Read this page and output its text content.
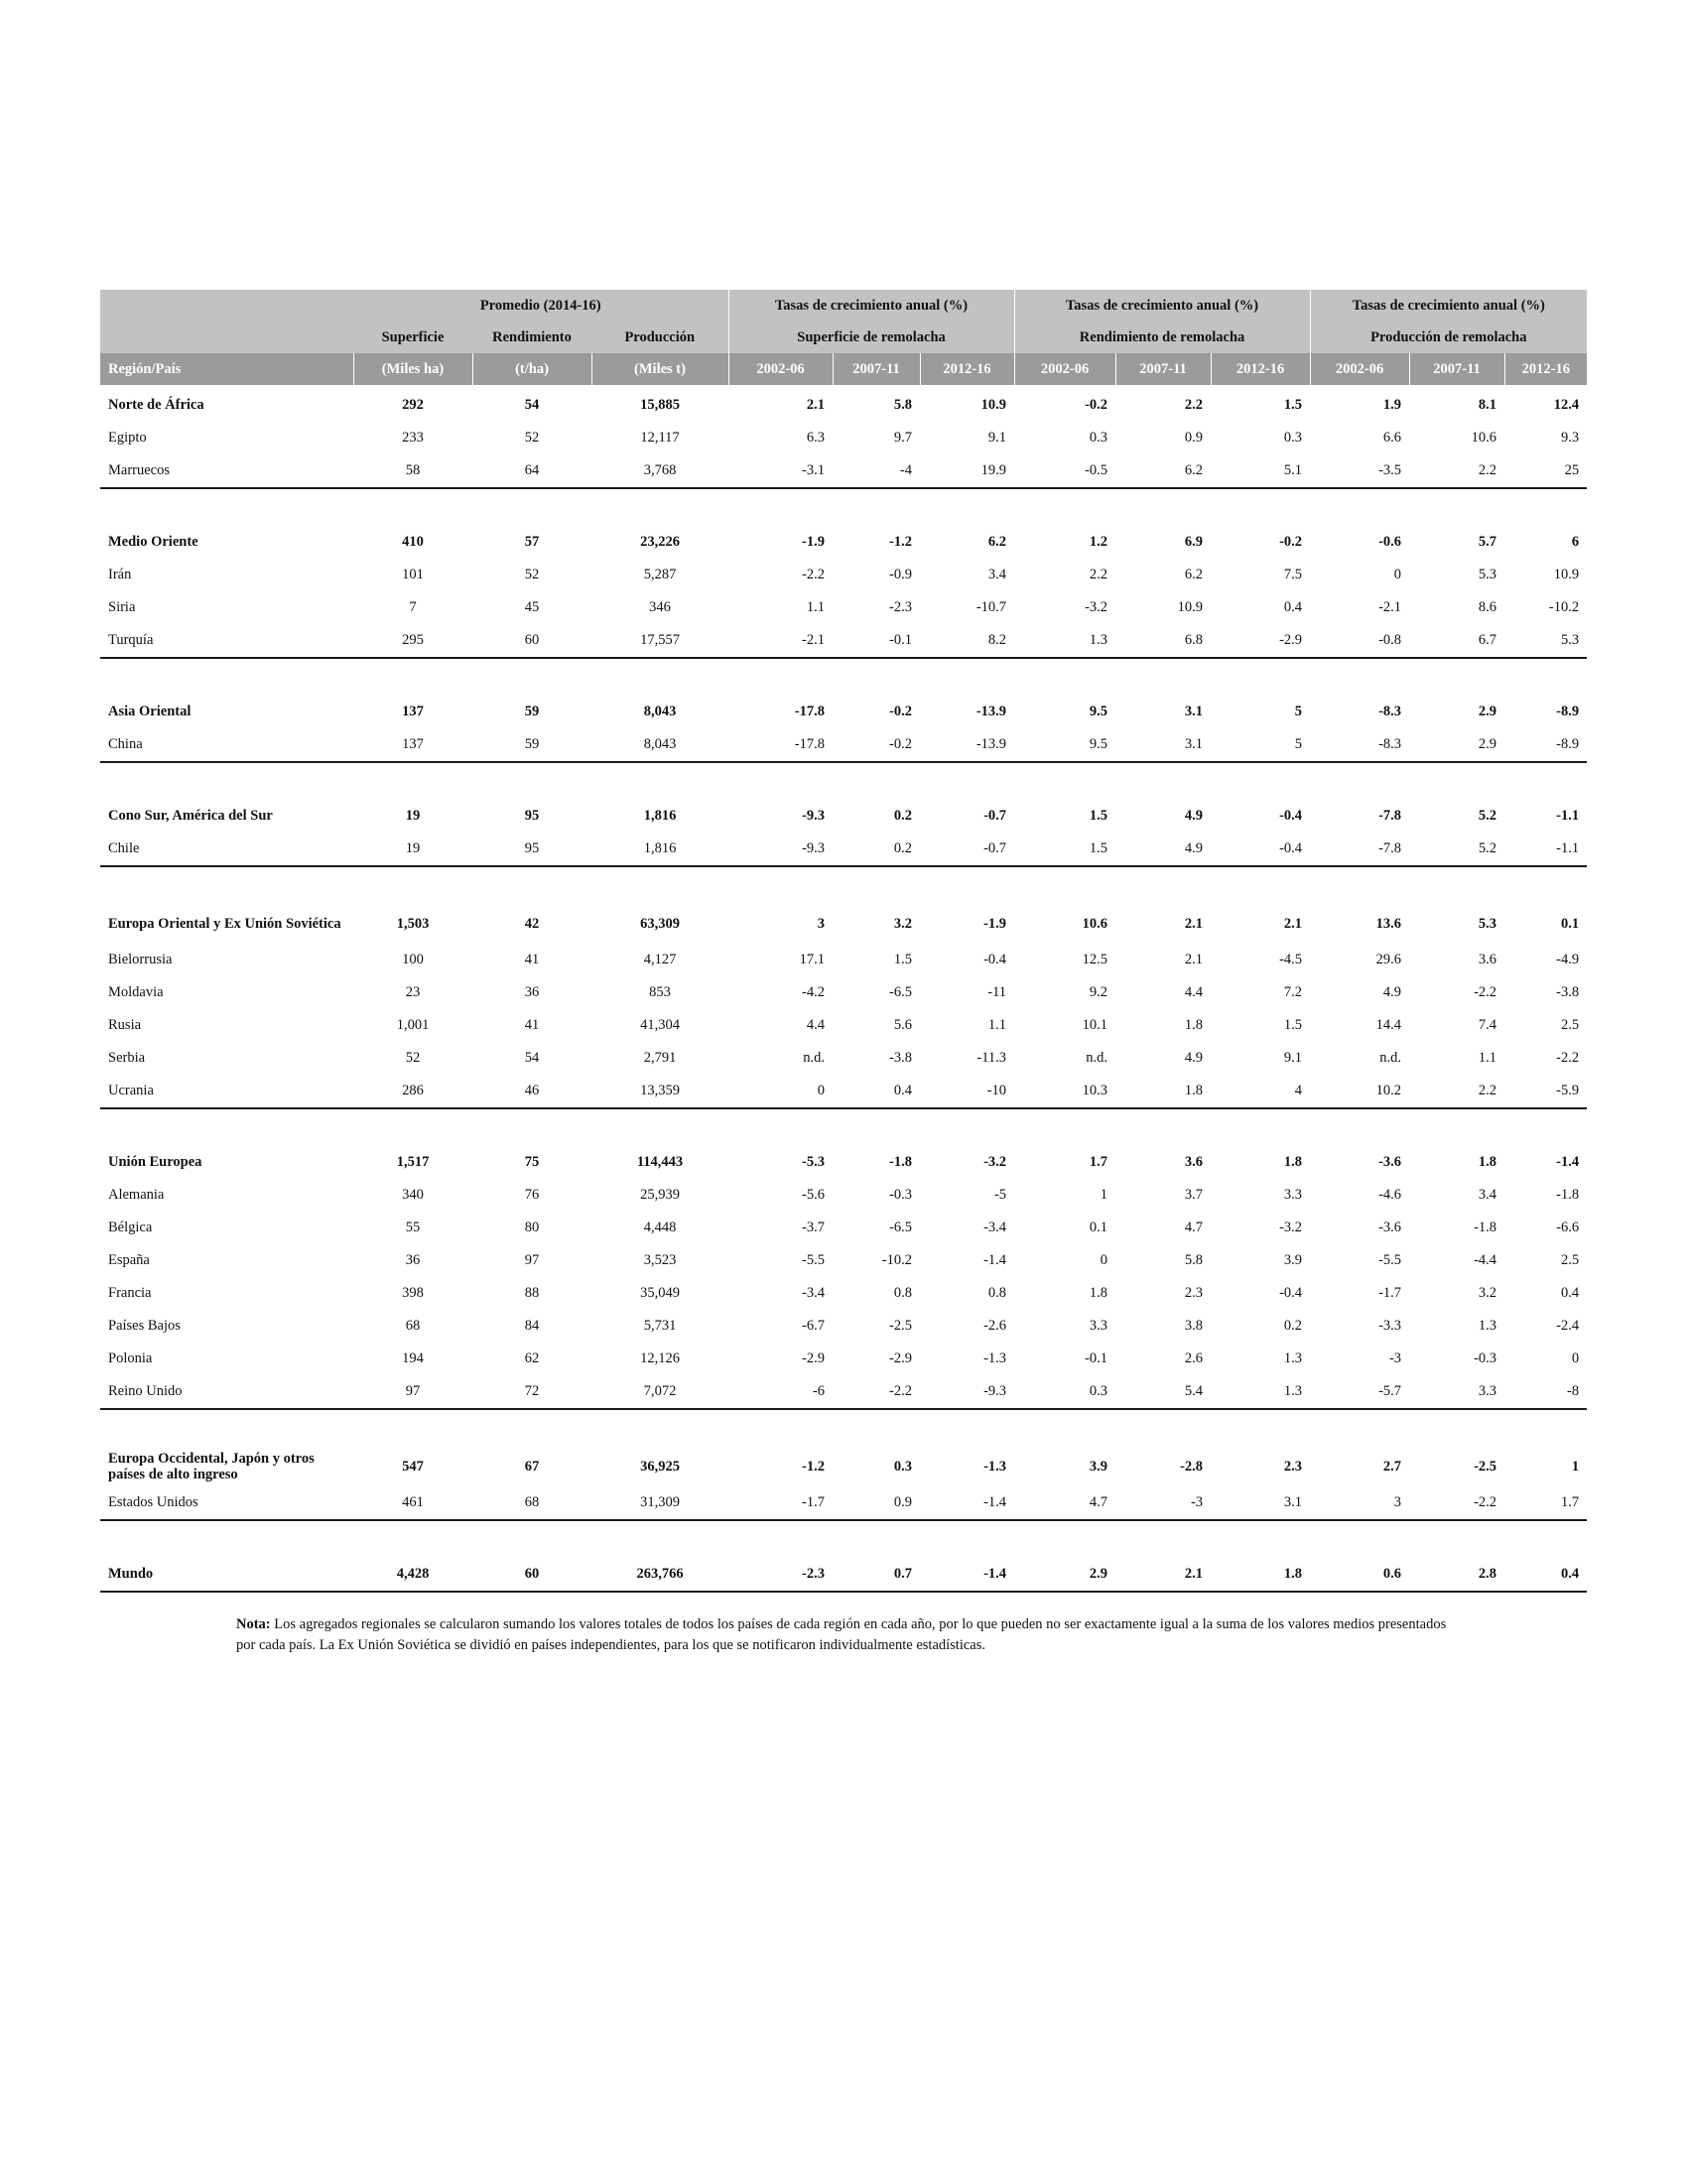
	Promedio (2014-16)			Tasas de crecimiento anual (%)			Tasas de crecimiento anual (%)			Tasas de crecimiento anual (%)		
	Superficie	Rendimiento	Producción	Superficie de remolacha			Rendimiento de remolacha			Producción de remolacha		
Región/País	(Miles ha)	(t/ha)	(Miles t)	2002-06	2007-11	2012-16	2002-06	2007-11	2012-16	2002-06	2007-11	2012-16

Norte de África	292	54	15,885	2.1	5.8	10.9	-0.2	2.2	1.5	1.9	8.1	12.4
Egipto	233	52	12,117	6.3	9.7	9.1	0.3	0.9	0.3	6.6	10.6	9.3
Marruecos	58	64	3,768	-3.1	-4	19.9	-0.5	6.2	5.1	-3.5	2.2	25

Medio Oriente	410	57	23,226	-1.9	-1.2	6.2	1.2	6.9	-0.2	-0.6	5.7	6
Irán	101	52	5,287	-2.2	-0.9	3.4	2.2	6.2	7.5	0	5.3	10.9
Siria	7	45	346	1.1	-2.3	-10.7	-3.2	10.9	0.4	-2.1	8.6	-10.2
Turquía	295	60	17,557	-2.1	-0.1	8.2	1.3	6.8	-2.9	-0.8	6.7	5.3

Asia Oriental	137	59	8,043	-17.8	-0.2	-13.9	9.5	3.1	5	-8.3	2.9	-8.9
China	137	59	8,043	-17.8	-0.2	-13.9	9.5	3.1	5	-8.3	2.9	-8.9

Cono Sur, América del Sur	19	95	1,816	-9.3	0.2	-0.7	1.5	4.9	-0.4	-7.8	5.2	-1.1
Chile	19	95	1,816	-9.3	0.2	-0.7	1.5	4.9	-0.4	-7.8	5.2	-1.1

Europa Oriental y Ex Unión Soviética	1,503	42	63,309	3	3.2	-1.9	10.6	2.1	2.1	13.6	5.3	0.1
Bielorrusia	100	41	4,127	17.1	1.5	-0.4	12.5	2.1	-4.5	29.6	3.6	-4.9
Moldavia	23	36	853	-4.2	-6.5	-11	9.2	4.4	7.2	4.9	-2.2	-3.8
Rusia	1,001	41	41,304	4.4	5.6	1.1	10.1	1.8	1.5	14.4	7.4	2.5
Serbia	52	54	2,791	n.d.	-3.8	-11.3	n.d.	4.9	9.1	n.d.	1.1	-2.2
Ucrania	286	46	13,359	0	0.4	-10	10.3	1.8	4	10.2	2.2	-5.9

Unión Europea	1,517	75	114,443	-5.3	-1.8	-3.2	1.7	3.6	1.8	-3.6	1.8	-1.4
Alemania	340	76	25,939	-5.6	-0.3	-5	1	3.7	3.3	-4.6	3.4	-1.8
Bélgica	55	80	4,448	-3.7	-6.5	-3.4	0.1	4.7	-3.2	-3.6	-1.8	-6.6
España	36	97	3,523	-5.5	-10.2	-1.4	0	5.8	3.9	-5.5	-4.4	2.5
Francia	398	88	35,049	-3.4	0.8	0.8	1.8	2.3	-0.4	-1.7	3.2	0.4
Países Bajos	68	84	5,731	-6.7	-2.5	-2.6	3.3	3.8	0.2	-3.3	1.3	-2.4
Polonia	194	62	12,126	-2.9	-2.9	-1.3	-0.1	2.6	1.3	-3	-0.3	0
Reino Unido	97	72	7,072	-6	-2.2	-9.3	0.3	5.4	1.3	-5.7	3.3	-8

Europa Occidental, Japón y otros países de alto ingreso	547	67	36,925	-1.2	0.3	-1.3	3.9	-2.8	2.3	2.7	-2.5	1
Estados Unidos	461	68	31,309	-1.7	0.9	-1.4	4.7	-3	3.1	3	-2.2	1.7

Mundo	4,428	60	263,766	-2.3	0.7	-1.4	2.9	2.1	1.8	0.6	2.8	0.4
Nota: Los agregados regionales se calcularon sumando los valores totales de todos los países de cada región en cada año, por lo que pueden no ser exactamente igual a la suma de los valores medios presentados por cada país. La Ex Unión Soviética se dividió en países independientes, para los que se notificaron individualmente estadísticas.
